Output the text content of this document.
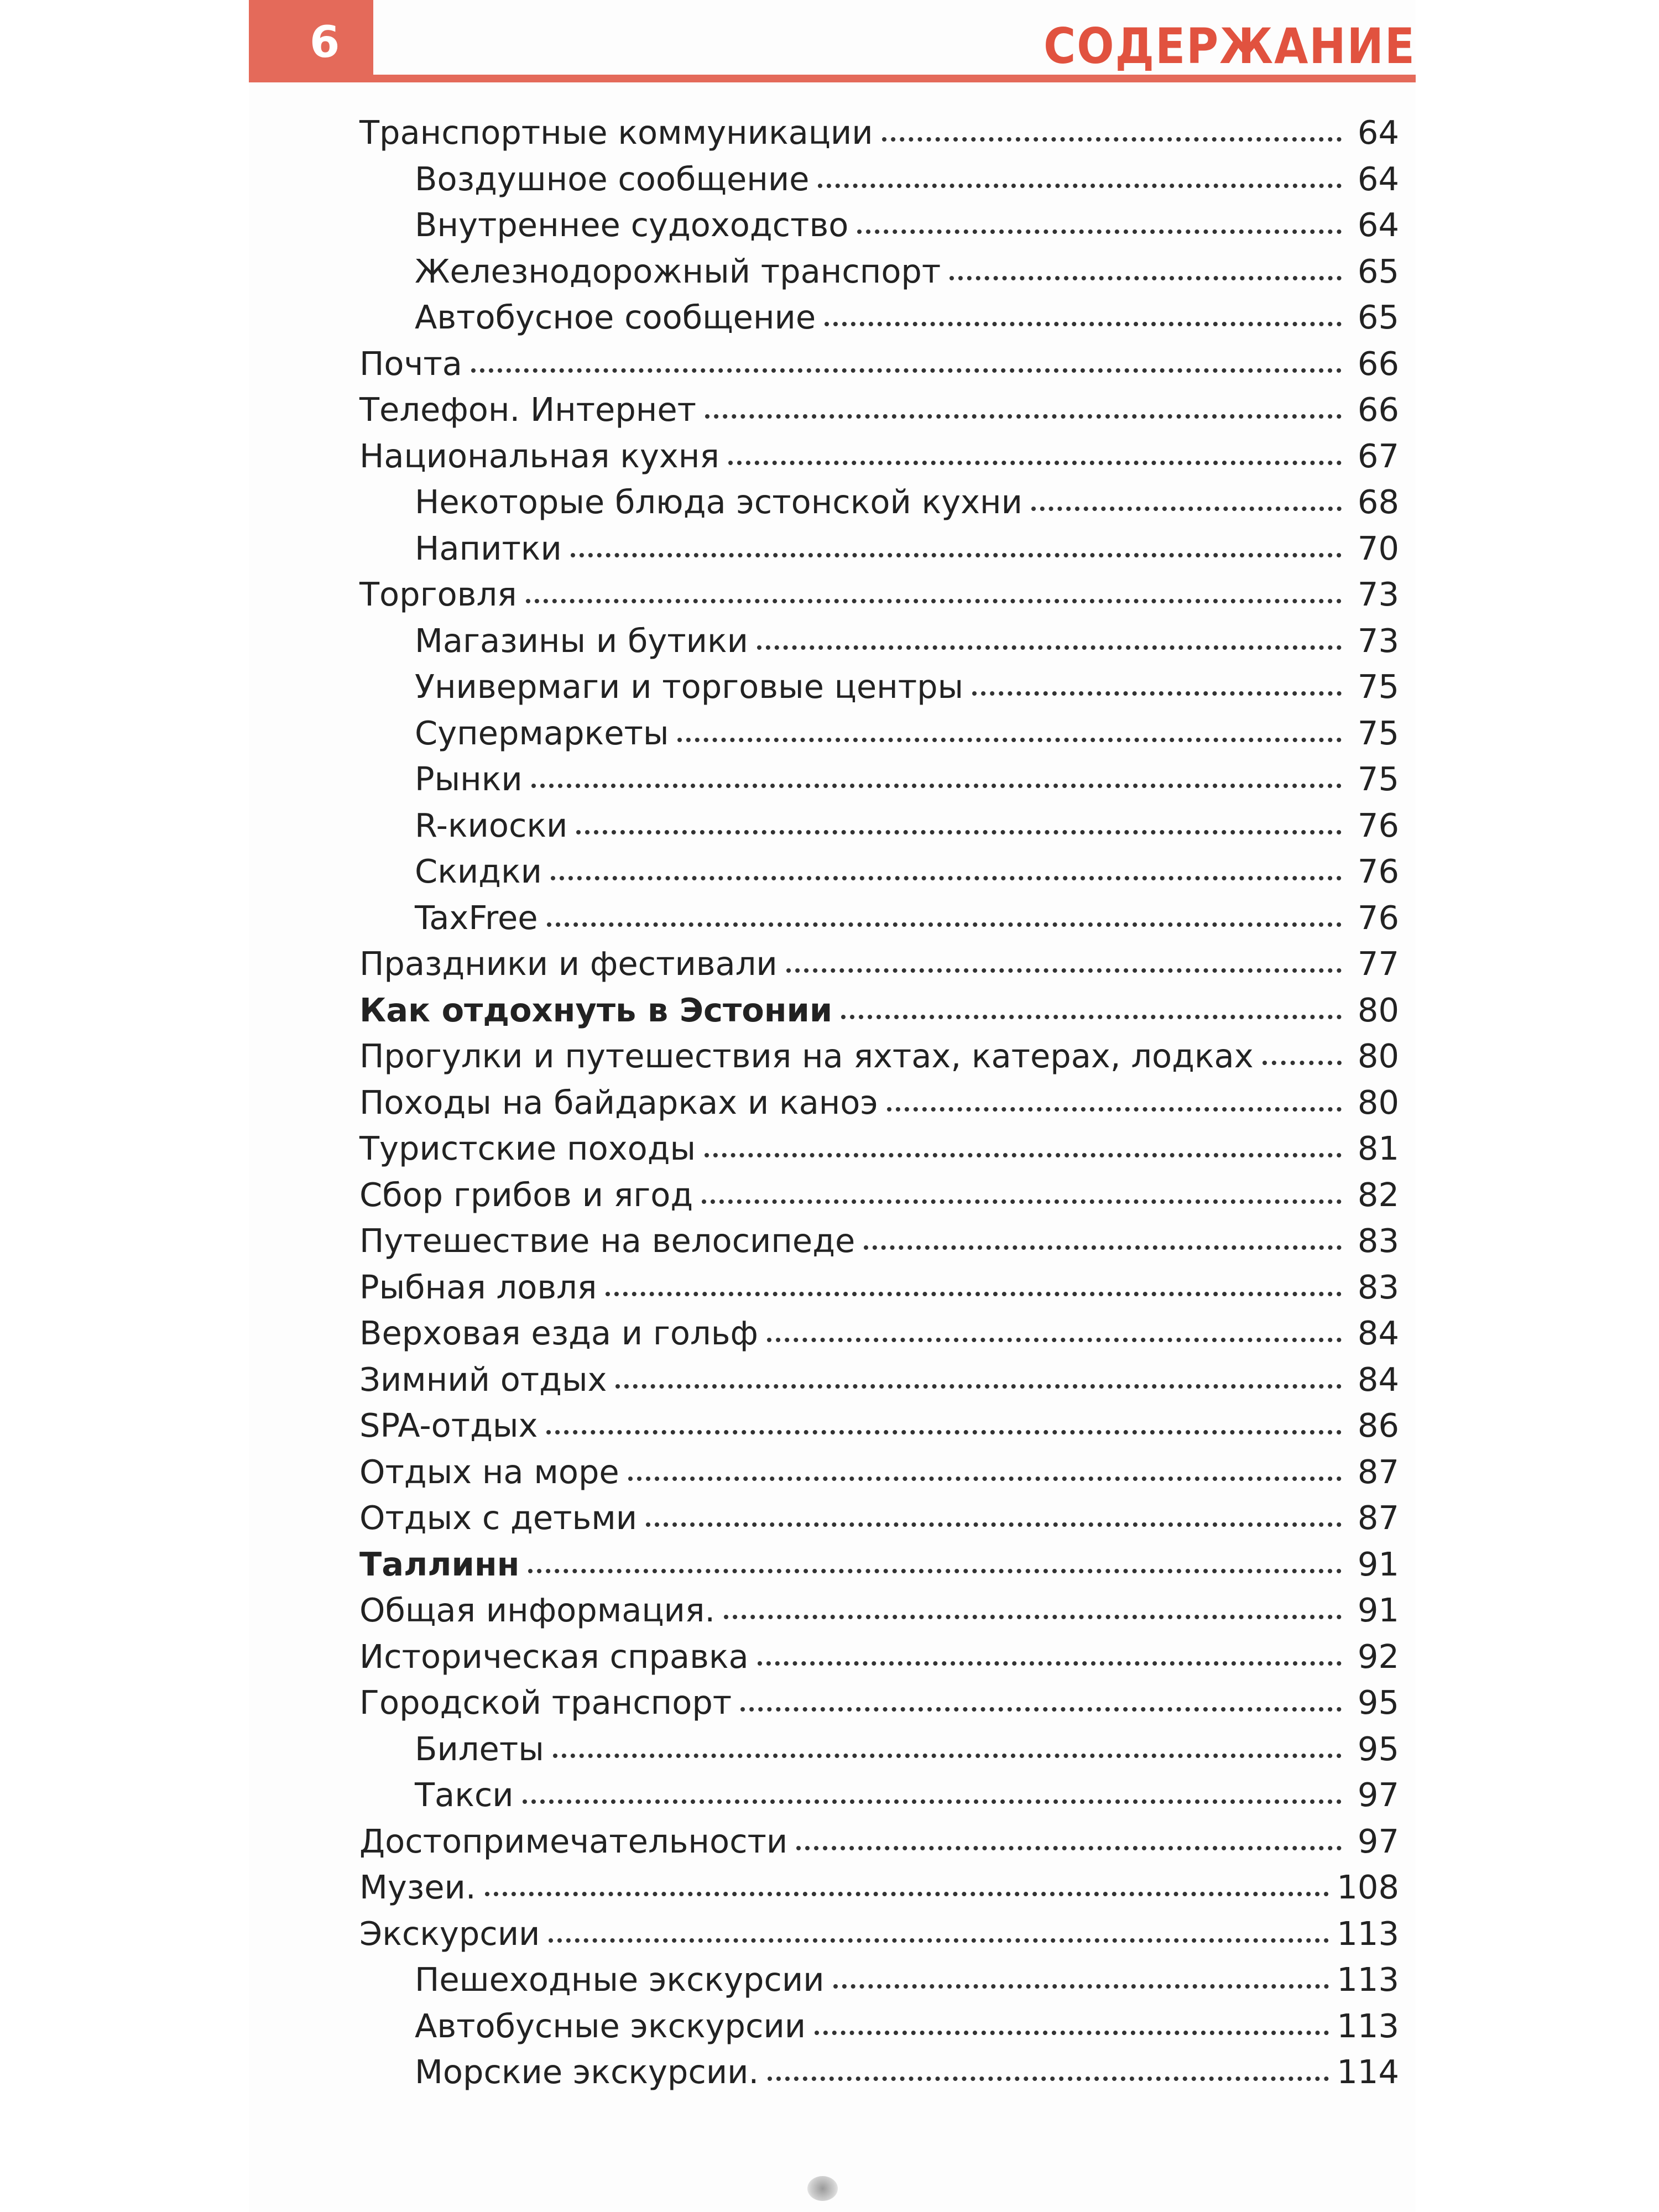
6	СОДЕРЖАНИЕ
Транспортные коммуникации	64
Воздушное сообщение	64
Внутреннее судоходство	64
Железнодорожный транспорт	65
Автобусное сообщение	65
Почта	66
Телефон. Интернет	66
Национальная кухня	67
Некоторые блюда эстонской кухни	68
Напитки	70
Торговля	73
Магазины и бутики	73
Универмаги и торговые центры	75
Супермаркеты	75
Рынки	75
R-киоски	76
Скидки	76
TaxFree	76
Праздники и фестивали	77
Как отдохнуть в Эстонии	80
Прогулки и путешествия на яхтах, катерах, лодках	80
Походы на байдарках и каноэ	80
Туристские походы	81
Сбор грибов и ягод	82
Путешествие на велосипеде	83
Рыбная ловля	83
Верховая езда и гольф	84
Зимний отдых	84
SPA-отдых	86
Отдых на море	87
Отдых с детьми	87
Таллинн	91
Общая информация.	91
Историческая справка	92
Городской транспорт	95
Билеты	95
Такси	97
Достопримечательности	97
Музеи.	108
Экскурсии	113
Пешеходные экскурсии	113
Автобусные экскурсии	113
Морские экскурсии.	114
